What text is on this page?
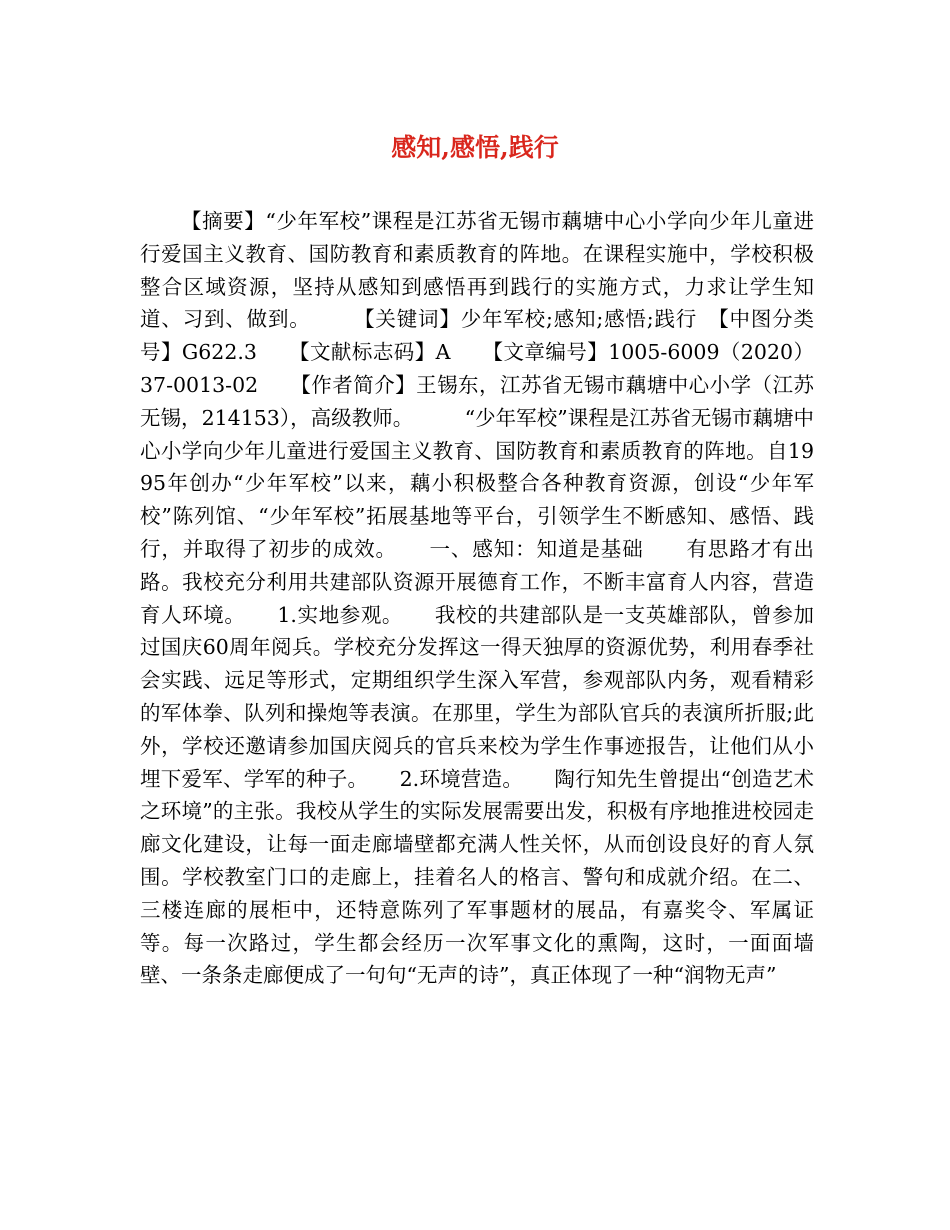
感知,感悟,践行

【摘要】“少年军校”课程是江苏省无锡市藕塘中心小学向少年儿童进行爱国主义教育、国防教育和素质教育的阵地。在课程实施中，学校积极整合区域资源，坚持从感知到感悟再到践行的实施方式，力求让学生知道、习到、做到。　　　【关键词】少年军校;感知;感悟;践行　【中图分类号】G622.3　　【文献标志码】A　　【文章编号】1005-6009（2020）37-0013-02　　【作者简介】王锡东，江苏省无锡市藕塘中心小学（江苏无锡，214153），高级教师。　　　“少年军校”课程是江苏省无锡市藕塘中心小学向少年儿童进行爱国主义教育、国防教育和素质教育的阵地。自1995年创办“少年军校”以来，藕小积极整合各种教育资源，创设“少年军校”陈列馆、“少年军校”拓展基地等平台，引领学生不断感知、感悟、践行，并取得了初步的成效。　　一、感知：知道是基础　　有思路才有出路。我校充分利用共建部队资源开展德育工作，不断丰富育人内容，营造育人环境。　　1.实地参观。　　我校的共建部队是一支英雄部队，曾参加过国庆60周年阅兵。学校充分发挥这一得天独厚的资源优势，利用春季社会实践、远足等形式，定期组织学生深入军营，参观部队内务，观看精彩的军体拳、队列和操炮等表演。在那里，学生为部队官兵的表演所折服;此外，学校还邀请参加国庆阅兵的官兵来校为学生作事迹报告，让他们从小埋下爱军、学军的种子。　　2.环境营造。　　陶行知先生曾提出“创造艺术之环境”的主张。我校从学生的实际发展需要出发，积极有序地推进校园走廊文化建设，让每一面走廊墙壁都充满人性关怀，从而创设良好的育人氛围。学校教室门口的走廊上，挂着名人的格言、警句和成就介绍。在二、三楼连廊的展柜中，还特意陈列了军事题材的展品，有嘉奖令、军属证等。每一次路过，学生都会经历一次军事文化的熏陶，这时，一面面墙壁、一条条走廊便成了一句句“无声的诗”，真正体现了一种“润物无声”
